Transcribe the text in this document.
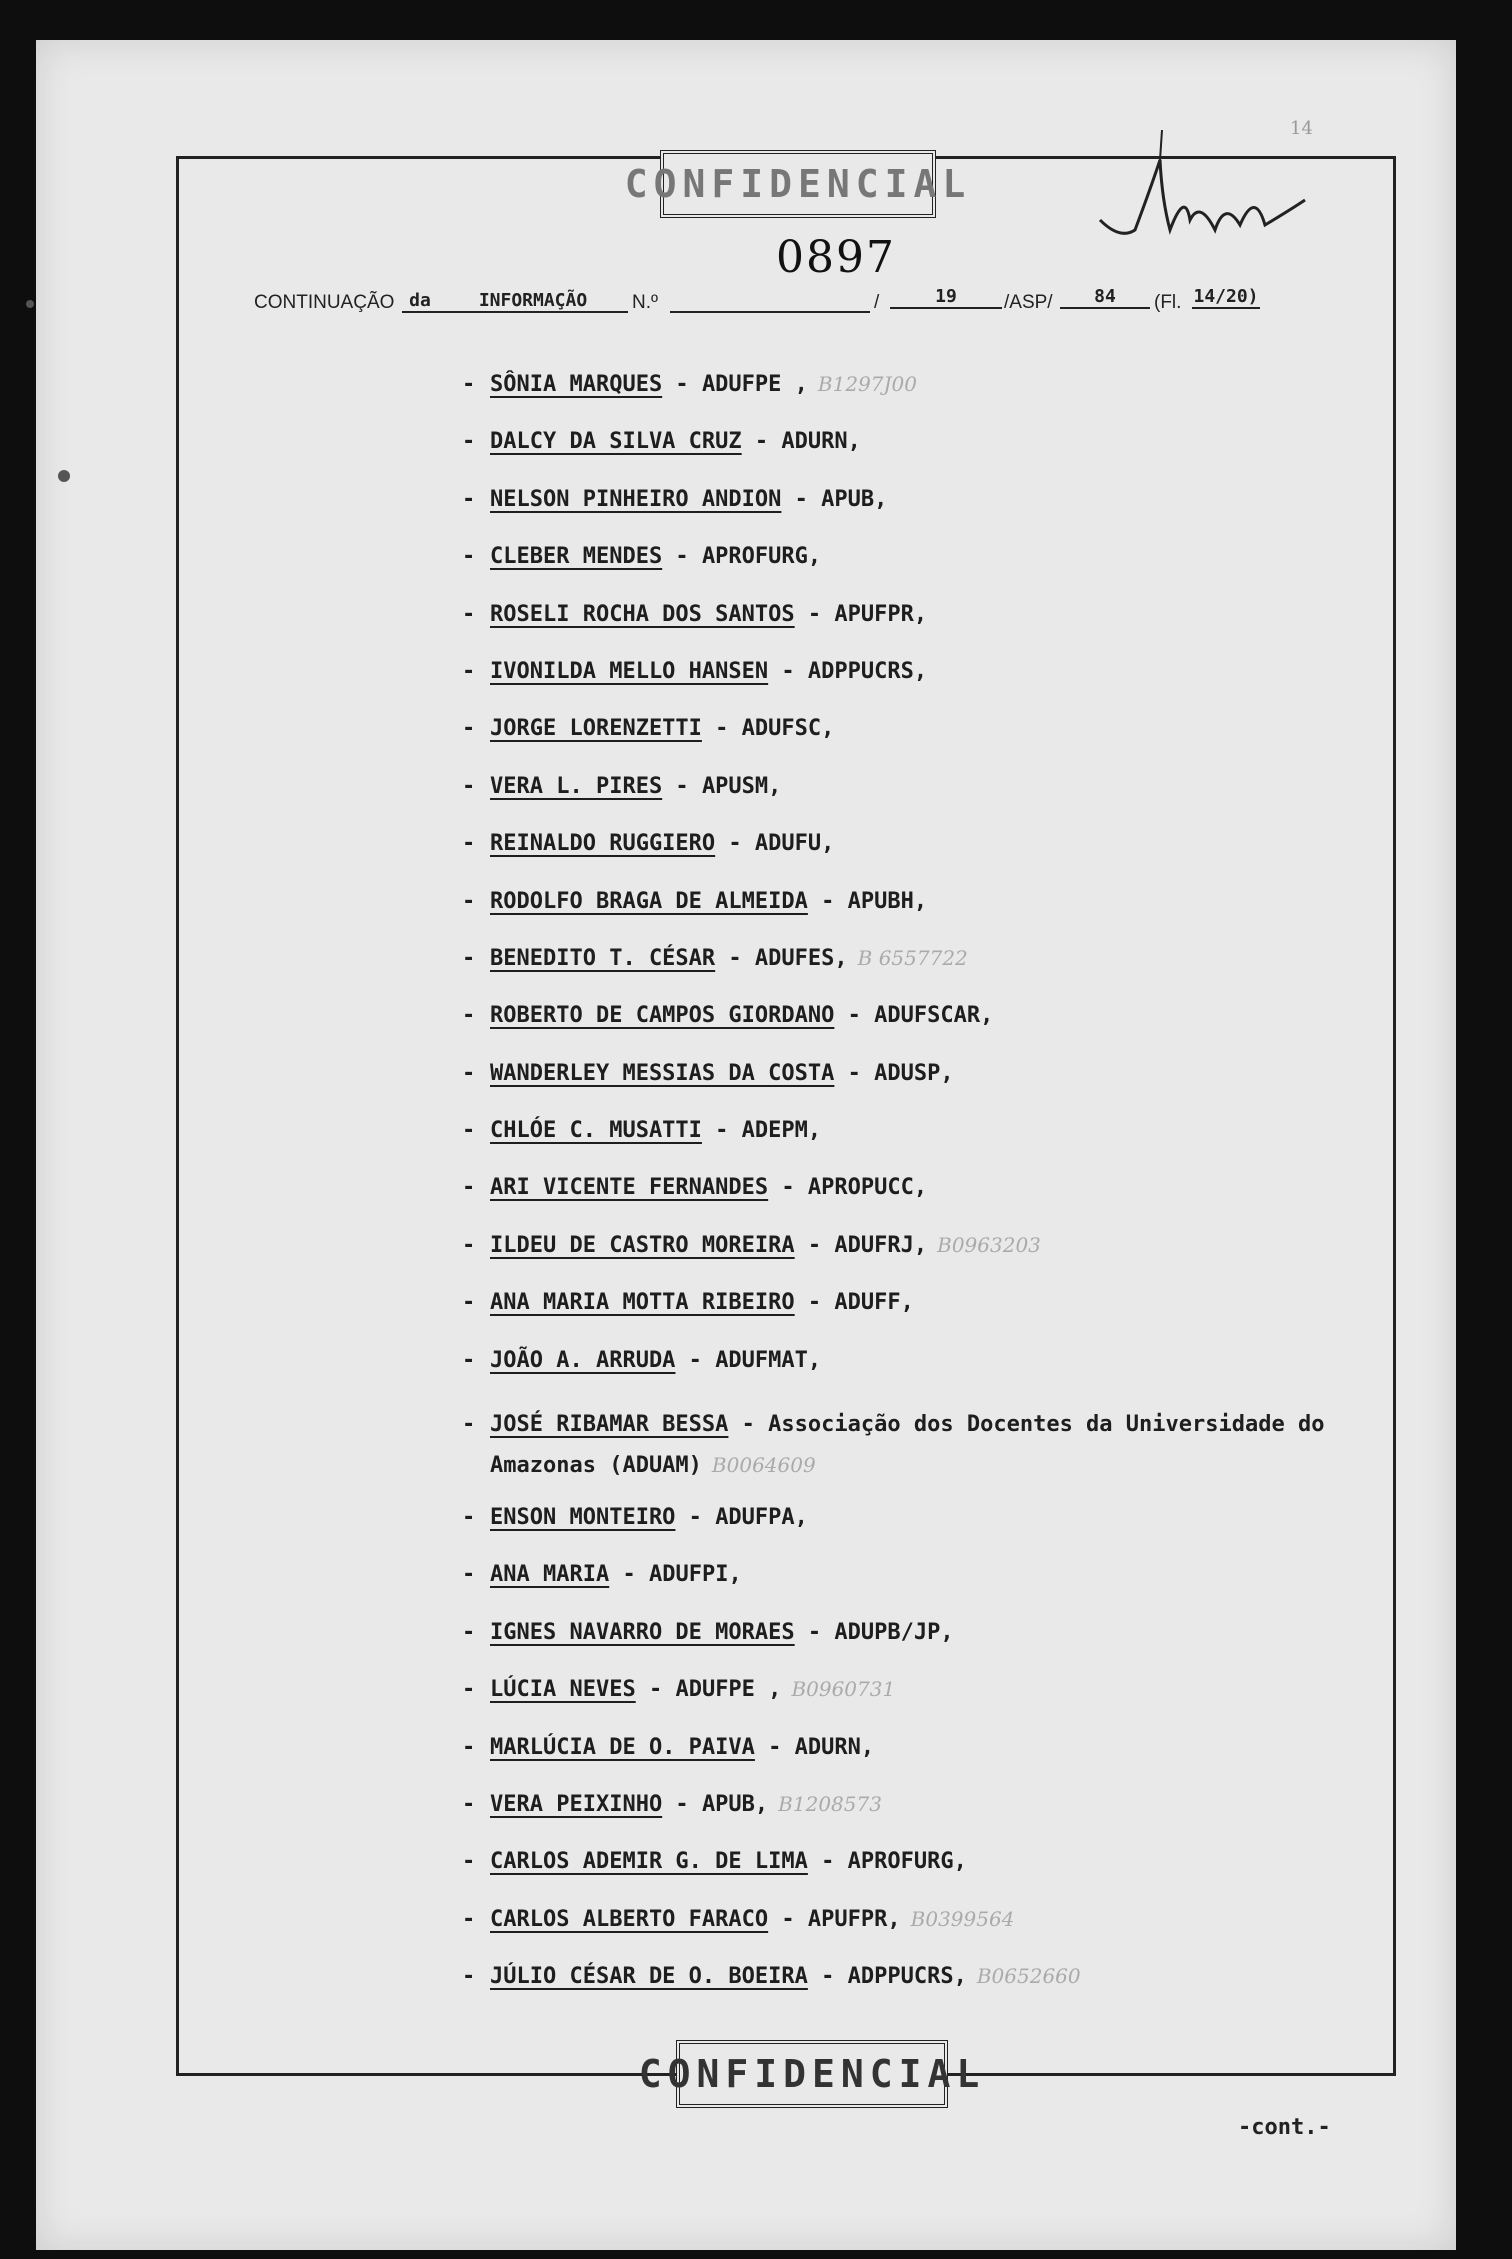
CONFIDENCIAL
14
0897
CONTINUAÇÃO da	INFORMAÇÃO	N.º
	/	19	/ASP/	84	(Fl. 14/20)
- SÔNIA MARQUES - ADUFPE , B1297J00
- DALCY DA SILVA CRUZ - ADURN,
- NELSON PINHEIRO ANDION - APUB,
- CLEBER MENDES - APROFURG,
- ROSELI ROCHA DOS SANTOS - APUFPR,
- IVONILDA MELLO HANSEN - ADPPUCRS,
- JORGE LORENZETTI - ADUFSC,
- VERA L. PIRES - APUSM,
- REINALDO RUGGIERO - ADUFU,
- RODOLFO BRAGA DE ALMEIDA - APUBH,
- BENEDITO T. CÉSAR - ADUFES, B 6557722
- ROBERTO DE CAMPOS GIORDANO - ADUFSCAR,
- WANDERLEY MESSIAS DA COSTA - ADUSP,
- CHLÓE C. MUSATTI - ADEPM,
- ARI VICENTE FERNANDES - APROPUCC,
- ILDEU DE CASTRO MOREIRA - ADUFRJ, B0963203
- ANA MARIA MOTTA RIBEIRO - ADUFF,
- JOÃO A. ARRUDA - ADUFMAT,
- JOSÉ RIBAMAR BESSA - Associação dos Docentes da Universidade do Amazonas (ADUAM) B0064609
- ENSON MONTEIRO - ADUFPA,
- ANA MARIA - ADUFPI,
- IGNES NAVARRO DE MORAES - ADUPB/JP,
- LÚCIA NEVES - ADUFPE , B0960731
- MARLÚCIA DE O. PAIVA - ADURN,
- VERA PEIXINHO - APUB, B1208573
- CARLOS ADEMIR G. DE LIMA - APROFURG,
- CARLOS ALBERTO FARACO - APUFPR, B0399564
- JÚLIO CÉSAR DE O. BOEIRA - ADPPUCRS, B0652660
CONFIDENCIAL
-cont.-
